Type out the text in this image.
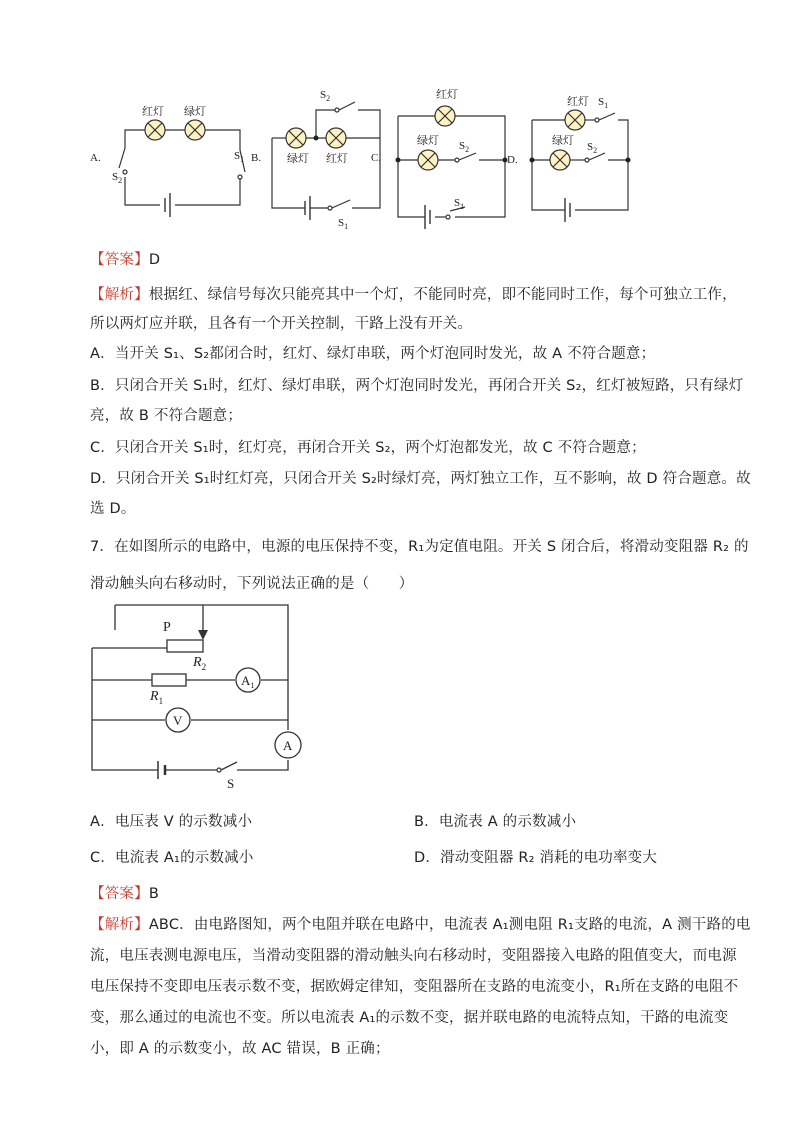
A.
红灯 绿灯
$S_2$
$S_1$ B. 绿灯 红灯
$S_2$
$S_1$
C.
红灯
绿灯 $S_2$
$S_1$
D.
红灯 $S_1$
绿灯 $S_2$
【答案】D
【解析】根据红、绿信号每次只能亮其中一个灯，不能同时亮，即不能同时工作，每个可独立工作，
所以两灯应并联，且各有一个开关控制，干路上没有开关。
A．当开关 S₁、S₂都闭合时，红灯、绿灯串联，两个灯泡同时发光，故 A 不符合题意；
B．只闭合开关 S₁时，红灯、绿灯串联，两个灯泡同时发光，再闭合开关 S₂，红灯被短路，只有绿灯
亮，故 B 不符合题意；
C．只闭合开关 S₁时，红灯亮，再闭合开关 S₂，两个灯泡都发光，故 C 不符合题意；
D．只闭合开关 S₁时红灯亮，只闭合开关 S₂时绿灯亮，两灯独立工作，互不影响，故 D 符合题意。故
选 D。
7．在如图所示的电路中，电源的电压保持不变，R₁为定值电阻。开关 S 闭合后，将滑动变阻器 R₂ 的
滑动触头向右移动时，下列说法正确的是（　　）
P
$R_2$
$R_1$
$A_1$
V
A
S
A．电压表 V 的示数减小	B．电流表 A 的示数减小
C．电流表 A₁的示数减小	D．滑动变阻器 R₂ 消耗的电功率变大
【答案】B
【解析】ABC．由电路图知，两个电阻并联在电路中，电流表 A₁测电阻 R₁支路的电流，A 测干路的电
流，电压表测电源电压，当滑动变阻器的滑动触头向右移动时，变阻器接入电路的阻值变大，而电源
电压保持不变即电压表示数不变，据欧姆定律知，变阻器所在支路的电流变小，R₁所在支路的电阻不
变，那么通过的电流也不变。所以电流表 A₁的示数不变，据并联电路的电流特点知，干路的电流变
小，即 A 的示数变小，故 AC 错误，B 正确；
